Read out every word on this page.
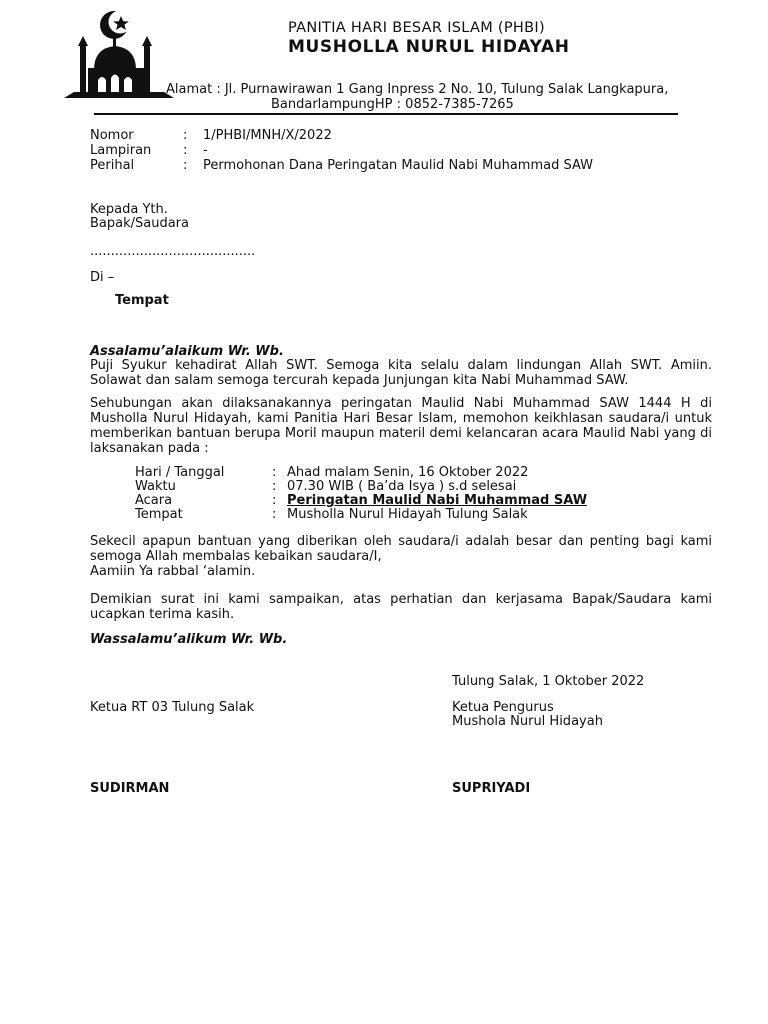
PANITIA HARI BESAR ISLAM (PHBI)
MUSHOLLA NURUL HIDAYAH
Alamat : Jl. Purnawirawan 1 Gang Inpress 2 No. 10, Tulung Salak Langkapura,
BandarlampungHP : 0852-7385-7265
Nomor	: 1/PHBI/MNH/X/2022
Lampiran : -
Perihal	: Permohonan Dana Peringatan Maulid Nabi Muhammad SAW
Kepada Yth.
Bapak/Saudara
........................................
Di –
Tempat
Assalamu’alaikum Wr. Wb.
Puji Syukur kehadirat Allah SWT. Semoga kita selalu dalam lindungan Allah SWT. Amiin. Solawat dan salam semoga tercurah kepada Junjungan kita Nabi Muhammad SAW.
Sehubungan akan dilaksanakannya peringatan Maulid Nabi Muhammad SAW 1444 H di Musholla Nurul Hidayah, kami Panitia Hari Besar Islam, memohon keikhlasan saudara/i untuk memberikan bantuan berupa Moril maupun materil demi kelancaran acara Maulid Nabi yang di laksanakan pada :
Hari / Tanggal	: Ahad malam Senin, 16 Oktober 2022
Waktu	: 07.30 WIB ( Ba’da Isya ) s.d selesai
Acara	: Peringatan Maulid Nabi Muhammad SAW
Tempat	: Musholla Nurul Hidayah Tulung Salak
Sekecil apapun bantuan yang diberikan oleh saudara/i adalah besar dan penting bagi kami semoga Allah membalas kebaikan saudara/I,
Aamiin Ya rabbal ‘alamin.
Demikian surat ini kami sampaikan, atas perhatian dan kerjasama Bapak/Saudara kami ucapkan terima kasih.
Wassalamu’alikum Wr. Wb.
Tulung Salak, 1 Oktober 2022
Ketua RT 03 Tulung Salak	Ketua Pengurus
Mushola Nurul Hidayah
SUDIRMAN	SUPRIYADI
